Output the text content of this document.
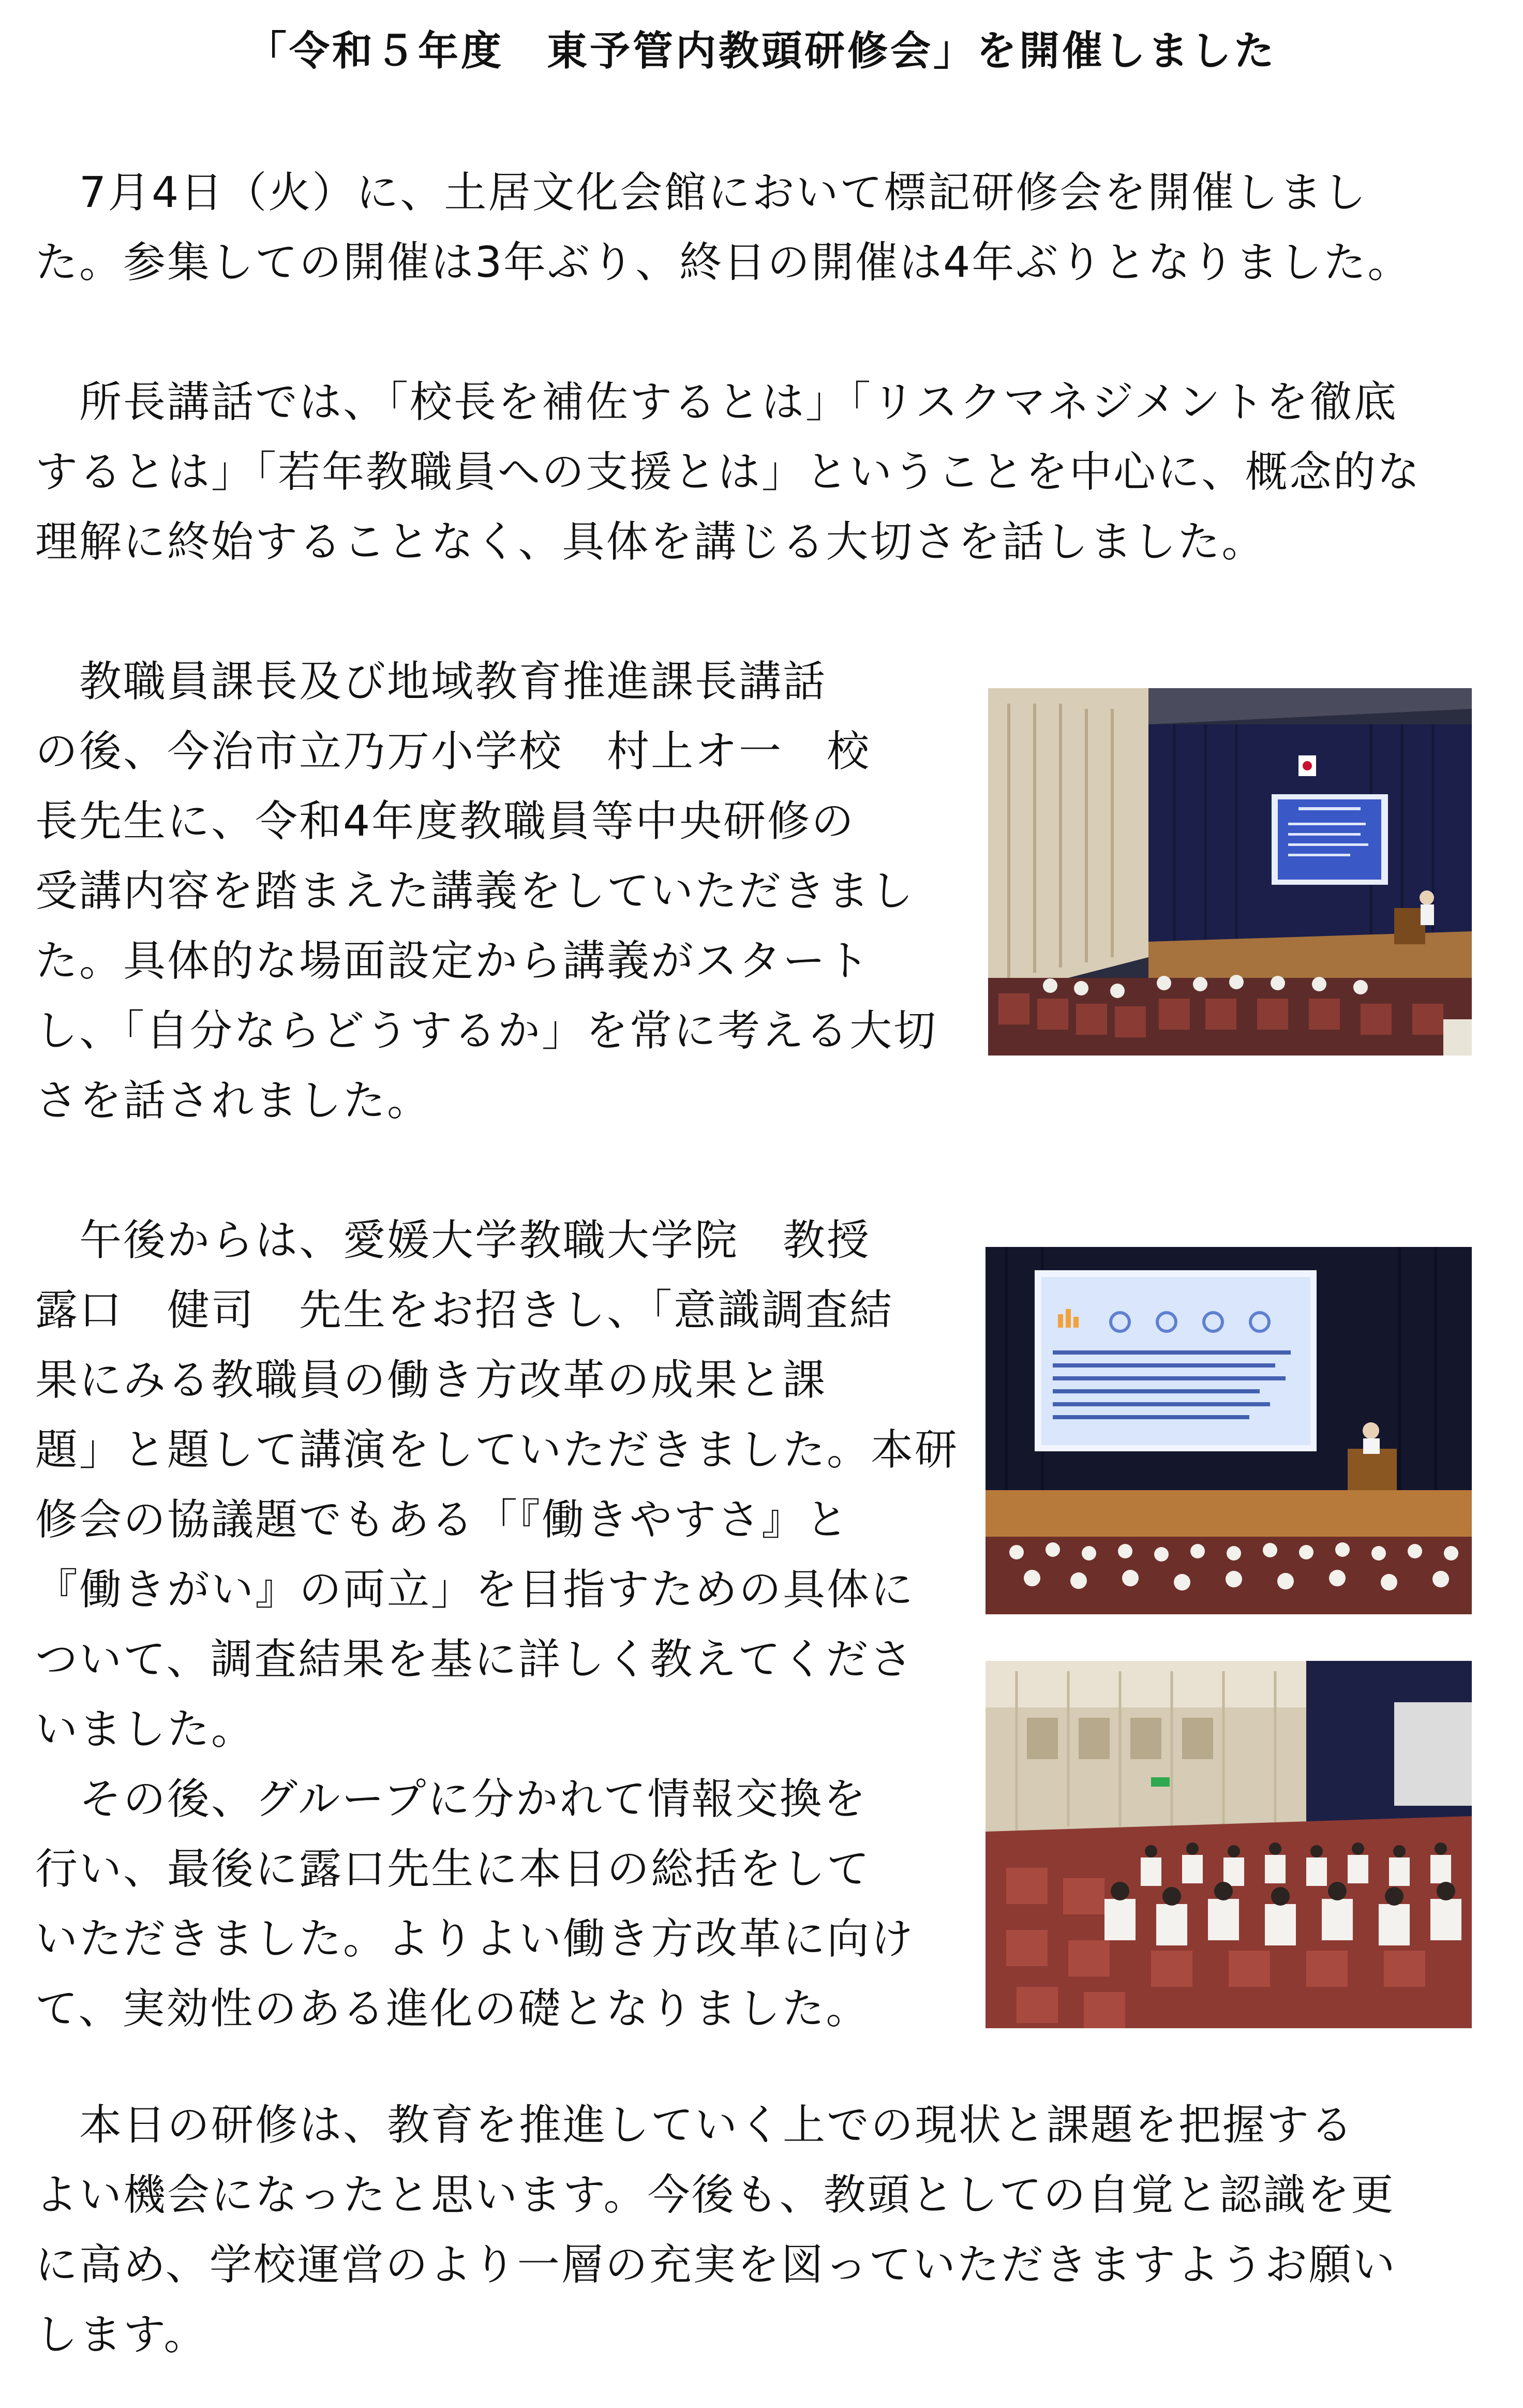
「令和５年度　東予管内教頭研修会」を開催しました

　7月4日（火）に、土居文化会館において標記研修会を開催しまし
た。参集しての開催は3年ぶり、終日の開催は4年ぶりとなりました。

　所長講話では、「校長を補佐するとは」「リスクマネジメントを徹底
するとは」「若年教職員への支援とは」ということを中心に、概念的な
理解に終始することなく、具体を講じる大切さを話しました。

　教職員課長及び地域教育推進課長講話
の後、今治市立乃万小学校　村上オ一　校
長先生に、令和4年度教職員等中央研修の
受講内容を踏まえた講義をしていただきまし
た。具体的な場面設定から講義がスタート
し、「自分ならどうするか」を常に考える大切
さを話されました。

　午後からは、愛媛大学教職大学院　教授
露口　健司　先生をお招きし、「意識調査結
果にみる教職員の働き方改革の成果と課
題」と題して講演をしていただきました。本研
修会の協議題でもある「『働きやすさ』と
『働きがい』の両立」を目指すための具体に
ついて、調査結果を基に詳しく教えてくださ
いました。
　その後、グループに分かれて情報交換を
行い、最後に露口先生に本日の総括をして
いただきました。よりよい働き方改革に向け
て、実効性のある進化の礎となりました。

　本日の研修は、教育を推進していく上での現状と課題を把握する
よい機会になったと思います。今後も、教頭としての自覚と認識を更
に高め、学校運営のより一層の充実を図っていただきますようお願い
します。
